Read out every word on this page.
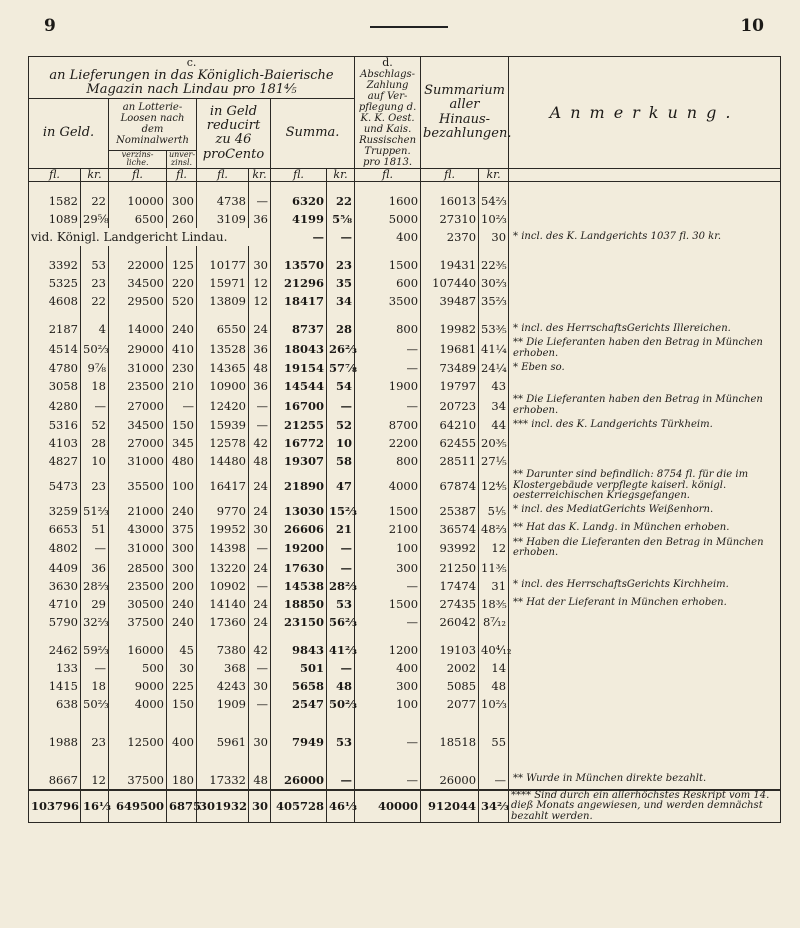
9	10
c.
an Lieferungen in das Königlich-Baierische Magazin nach Lindau pro 181⁴⁄₅								d.
Abschlags-Zahlung auf Ver-pflegung d. K. K. Oest. und Kais. Russischen Truppen. pro 1813.	Summarium aller Hinaus-bezahlungen.		Anmerkung.
in Geld.		an Lotterie-Loosen nach dem Nominalwerth		in Geld reducirt zu 46 proCento		Summa.					
		verzins-liche.	unver-zinsl.								
fl.	kr.	fl.	fl.	fl.	kr.	fl.	kr.	fl.	fl.	kr.	

1582	22	10000	300	4738	—	6320	22	1600	16013	54⅔	
1089	29⅝	6500	260	3109	36	4199	5⅝	5000	27310	10⅔	
vid. Königl. Landgericht Lindau.						—	—	400	2370	30	* incl. des K. Landgerichts 1037 fl. 30 kr.

3392	53	22000	125	10177	30	13570	23	1500	19431	22⅗	
5325	23	34500	220	15971	12	21296	35	600	107440	30⅔	
4608	22	29500	520	13809	12	18417	34	3500	39487	35⅔	

2187	4	14000	240	6550	24	8737	28	800	19982	53⅗	* incl. des HerrschaftsGerichts Illereichen.
4514	50⅔	29000	410	13528	36	18043	26⅔	—	19681	41¼	** Die Lieferanten haben den Betrag in München erhoben.
4780	9⅞	31000	230	14365	48	19154	57⅞	—	73489	24¼	* Eben so.
3058	18	23500	210	10900	36	14544	54	1900	19797	43	
4280	—	27000	—	12420	—	16700	—	—	20723	34	** Die Lieferanten haben den Betrag in München erhoben.
5316	52	34500	150	15939	—	21255	52	8700	64210	44	*** incl. des K. Landgerichts Türkheim.
4103	28	27000	345	12578	42	16772	10	2200	62455	20⅗	
4827	10	31000	480	14480	48	19307	58	800	28511	27⅕	
5473	23	35500	100	16417	24	21890	47	4000	67874	12⅘	** Darunter sind befindlich: 8754 fl. für die im Klostergebäude verpflegte kaiserl. königl. oesterreichischen Kriegsgefangen.
3259	51⅔	21000	240	9770	24	13030	15⅔	1500	25387	5⅕	* incl. des MediatGerichts Weißenhorn.
6653	51	43000	375	19952	30	26606	21	2100	36574	48⅔	** Hat das K. Landg. in München erhoben.
4802	—	31000	300	14398	—	19200	—	100	93992	12	** Haben die Lieferanten den Betrag in München erhoben.
4409	36	28500	300	13220	24	17630	—	300	21250	11⅗	
3630	28⅔	23500	200	10902	—	14538	28⅔	—	17474	31	* incl. des HerrschaftsGerichts Kirchheim.
4710	29	30500	240	14140	24	18850	53	1500	27435	18⅗	** Hat der Lieferant in München erhoben.
5790	32⅔	37500	240	17360	24	23150	56⅔	—	26042	8⁷⁄₁₂	

2462	59⅔	16000	45	7380	42	9843	41⅔	1200	19103	40⁴⁄₁₂	
133	—	500	30	368	—	501	—	400	2002	14	
1415	18	9000	225	4243	30	5658	48	300	5085	48	
638	50⅔	4000	150	1909	—	2547	50⅔	100	2077	10⅔	

1988	23	12500	400	5961	30	7949	53	—	18518	55	

8667	12	37500	180	17332	48	26000	—	—	26000	—	** Wurde in München direkte bezahlt.
103796	16⅓	649500	6875	301932	30	405728	46⅓	40000	912044	34⅔	**** Sind durch ein allerhöchstes Reskript vom 14. dieß Monats angewiesen, und werden demnächst bezahlt werden.
